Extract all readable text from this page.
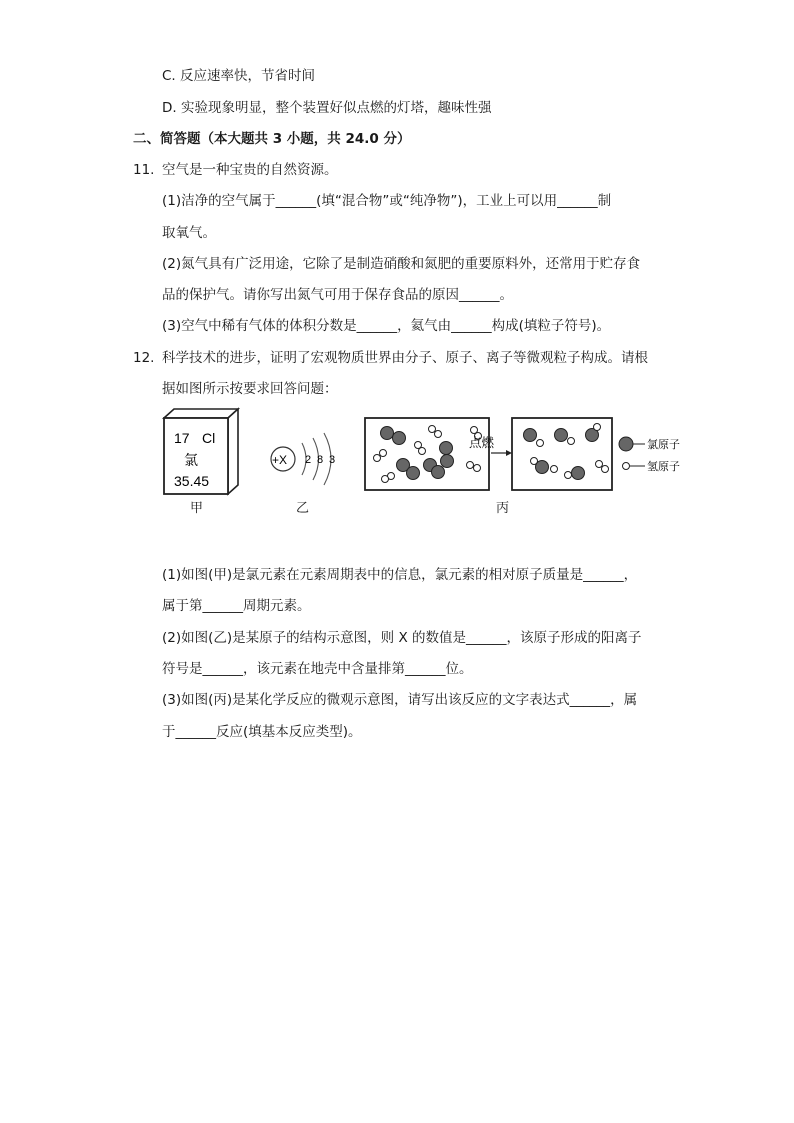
C. 反应速率快，节省时间
D. 实验现象明显，整个装置好似点燃的灯塔，趣味性强
二、简答题（本大题共 3 小题，共 24.0 分）
11. 空气是一种宝贵的自然资源。
(1)洁净的空气属于______(填“混合物”或“纯净物”)，工业上可以用______制
取氧气。
(2)氮气具有广泛用途，它除了是制造硝酸和氮肥的重要原料外，还常用于贮存食
品的保护气。请你写出氮气可用于保存食品的原因______。
(3)空气中稀有气体的体积分数是______，氦气由______构成(填粒子符号)。
12. 科学技术的进步，证明了宏观物质世界由分子、原子、离子等微观粒子构成。请根
据如图所示按要求回答问题：
17 Cl
氯
35.45
+X 2 8 3
点燃	氯原子
氢原子
甲	乙	丙
(1)如图(甲)是氯元素在元素周期表中的信息，氯元素的相对原子质量是______，
属于第______周期元素。
(2)如图(乙)是某原子的结构示意图，则 X 的数值是______，该原子形成的阳离子
符号是______，该元素在地壳中含量排第______位。
(3)如图(丙)是某化学反应的微观示意图，请写出该反应的文字表达式______，属
于______反应(填基本反应类型)。
